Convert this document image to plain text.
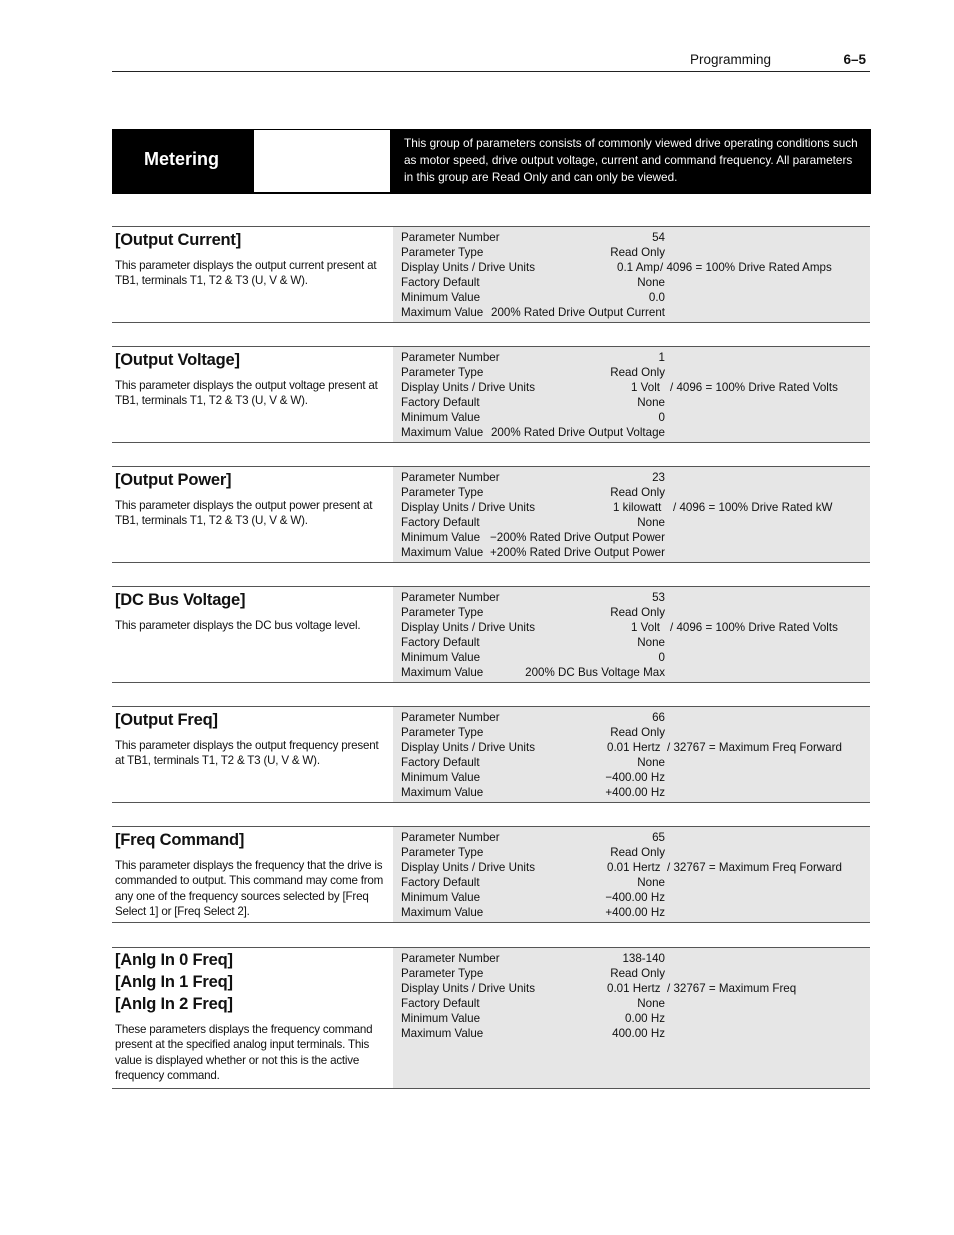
Programming	6–5
Metering
This group of parameters consists of commonly viewed drive operating conditions such as motor speed, drive output voltage, current and command frequency. All parameters in this group are Read Only and can only be viewed.
[Output Current]
This parameter displays the output current present at TB1, terminals T1, T2 & T3 (U, V & W).
Parameter Number	54
Parameter Type	Read Only
Display Units / Drive Units	0.1 Amp / 4096 = 100% Drive Rated Amps
Factory Default	None
Minimum Value	0.0
Maximum Value 200% Rated Drive Output Current
[Output Voltage]
This parameter displays the output voltage present at TB1, terminals T1, T2 & T3 (U, V & W).
Parameter Number	1
Parameter Type	Read Only
Display Units / Drive Units	1 Volt / 4096 = 100% Drive Rated Volts
Factory Default	None
Minimum Value	0
Maximum Value 200% Rated Drive Output Voltage
[Output Power]
This parameter displays the output power present at TB1, terminals T1, T2 & T3 (U, V & W).
Parameter Number	23
Parameter Type	Read Only
Display Units / Drive Units	1 kilowatt / 4096 = 100% Drive Rated kW
Factory Default	None
Minimum Value −200% Rated Drive Output Power
Maximum Value +200% Rated Drive Output Power
[DC Bus Voltage]
This parameter displays the DC bus voltage level.
Parameter Number	53
Parameter Type	Read Only
Display Units / Drive Units	1 Volt / 4096 = 100% Drive Rated Volts
Factory Default	None
Minimum Value	0
Maximum Value	200% DC Bus Voltage Max
[Output Freq]
This parameter displays the output frequency present at TB1, terminals T1, T2 & T3 (U, V & W).
Parameter Number	66
Parameter Type	Read Only
Display Units / Drive Units	0.01 Hertz / 32767 = Maximum Freq Forward
Factory Default	None
Minimum Value	−400.00 Hz
Maximum Value	+400.00 Hz
[Freq Command]
This parameter displays the frequency that the drive is commanded to output. This command may come from any one of the frequency sources selected by [Freq Select 1] or [Freq Select 2].
Parameter Number	65
Parameter Type	Read Only
Display Units / Drive Units	0.01 Hertz / 32767 = Maximum Freq Forward
Factory Default	None
Minimum Value	−400.00 Hz
Maximum Value	+400.00 Hz
[Anlg In 0 Freq]
[Anlg In 1 Freq]
[Anlg In 2 Freq]
These parameters displays the frequency command present at the specified analog input terminals. This value is displayed whether or not this is the active frequency command.
Parameter Number	138-140
Parameter Type	Read Only
Display Units / Drive Units	0.01 Hertz / 32767 = Maximum Freq
Factory Default	None
Minimum Value	0.00 Hz
Maximum Value	400.00 Hz
